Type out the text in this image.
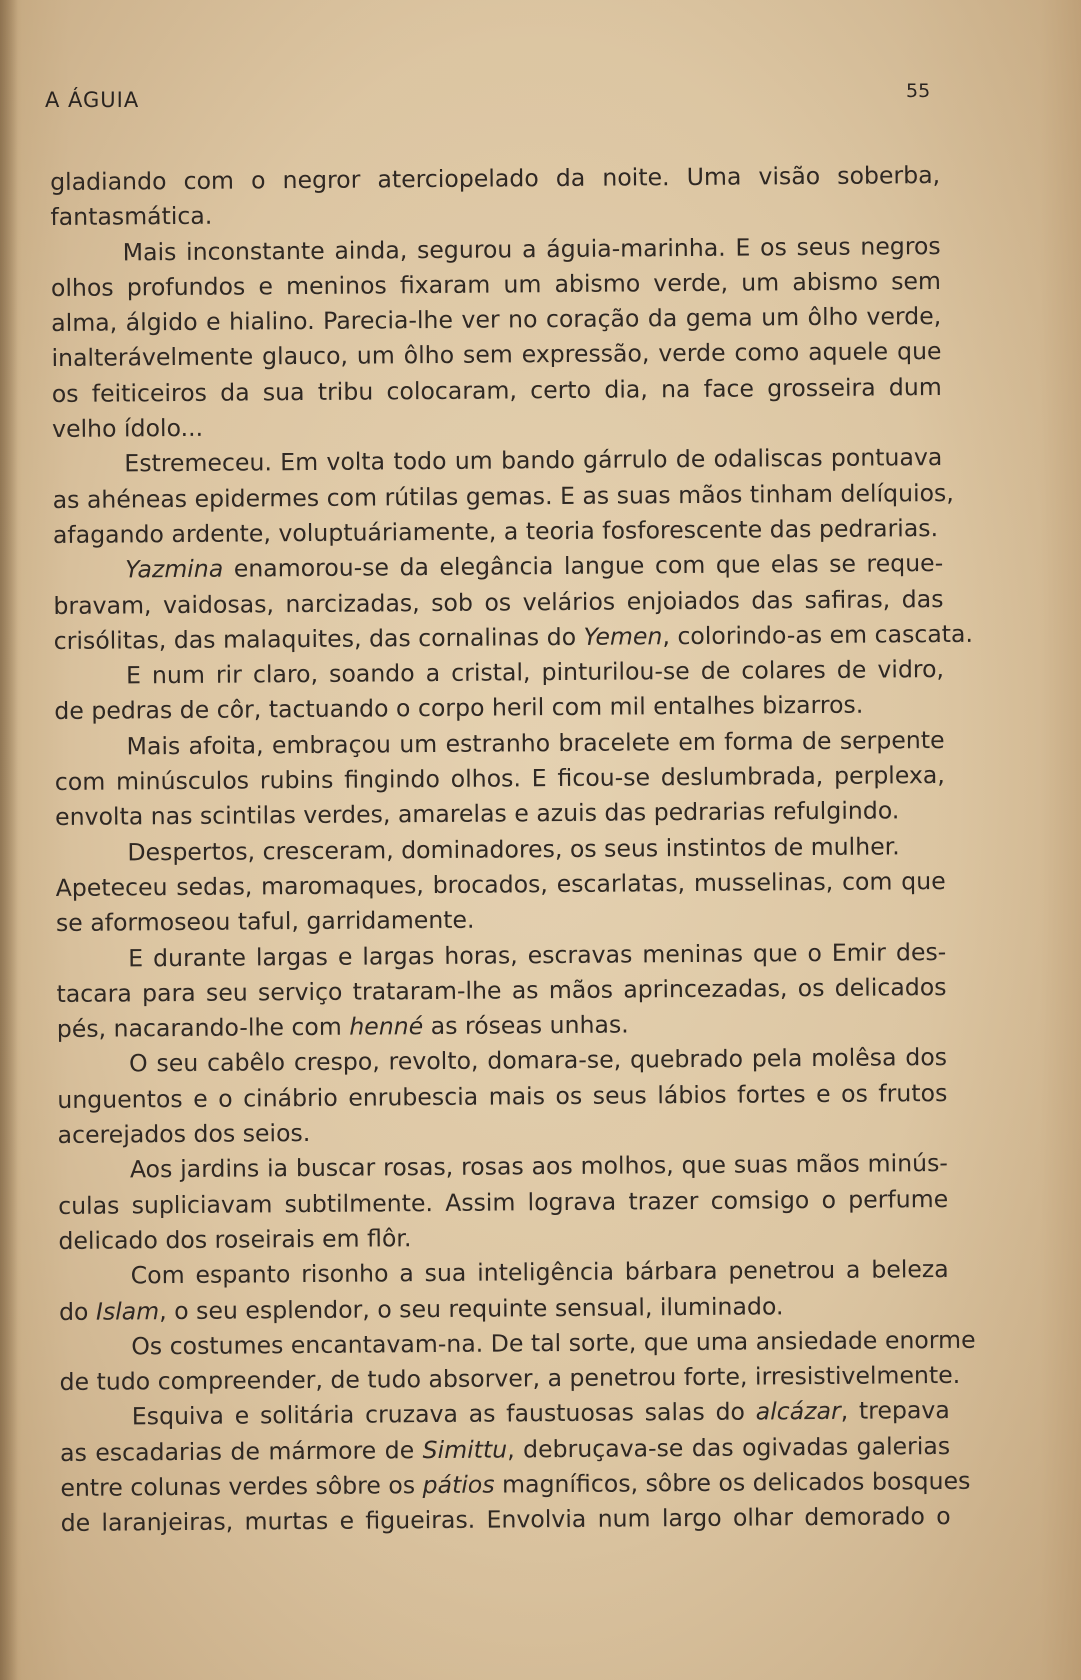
A ÁGUIA	55
gladiando com o negror aterciopelado da noite. Uma visão soberba,
fantasmática.
Mais inconstante ainda, segurou a águia-marinha. E os seus negros
olhos profundos e meninos fixaram um abismo verde, um abismo sem
alma, álgido e hialino. Parecia-lhe ver no coração da gema um ôlho verde,
inalterávelmente glauco, um ôlho sem expressão, verde como aquele que
os feiticeiros da sua tribu colocaram, certo dia, na face grosseira dum
velho ídolo...
Estremeceu. Em volta todo um bando gárrulo de odaliscas pontuava
as ahéneas epidermes com rútilas gemas. E as suas mãos tinham delíquios,
afagando ardente, voluptuáriamente, a teoria fosforescente das pedrarias.
Yazmina enamorou-se da elegância langue com que elas se reque-
bravam, vaidosas, narcizadas, sob os velários enjoiados das safiras, das
crisólitas, das malaquites, das cornalinas do Yemen, colorindo-as em cascata.
E num rir claro, soando a cristal, pinturilou-se de colares de vidro,
de pedras de côr, tactuando o corpo heril com mil entalhes bizarros.
Mais afoita, embraçou um estranho bracelete em forma de serpente
com minúsculos rubins fingindo olhos. E ficou-se deslumbrada, perplexa,
envolta nas scintilas verdes, amarelas e azuis das pedrarias refulgindo.
Despertos, cresceram, dominadores, os seus instintos de mulher.
Apeteceu sedas, maromaques, brocados, escarlatas, musselinas, com que
se aformoseou taful, garridamente.
E durante largas e largas horas, escravas meninas que o Emir des-
tacara para seu serviço trataram-lhe as mãos aprincezadas, os delicados
pés, nacarando-lhe com henné as róseas unhas.
O seu cabêlo crespo, revolto, domara-se, quebrado pela molêsa dos
unguentos e o cinábrio enrubescia mais os seus lábios fortes e os frutos
acerejados dos seios.
Aos jardins ia buscar rosas, rosas aos molhos, que suas mãos minús-
culas supliciavam subtilmente. Assim lograva trazer comsigo o perfume
delicado dos roseirais em flôr.
Com espanto risonho a sua inteligência bárbara penetrou a beleza
do Islam, o seu esplendor, o seu requinte sensual, iluminado.
Os costumes encantavam-na. De tal sorte, que uma ansiedade enorme
de tudo compreender, de tudo absorver, a penetrou forte, irresistivelmente.
Esquiva e solitária cruzava as faustuosas salas do alcázar, trepava
as escadarias de mármore de Simittu, debruçava-se das ogivadas galerias
entre colunas verdes sôbre os pátios magníficos, sôbre os delicados bosques
de laranjeiras, murtas e figueiras. Envolvia num largo olhar demorado o
